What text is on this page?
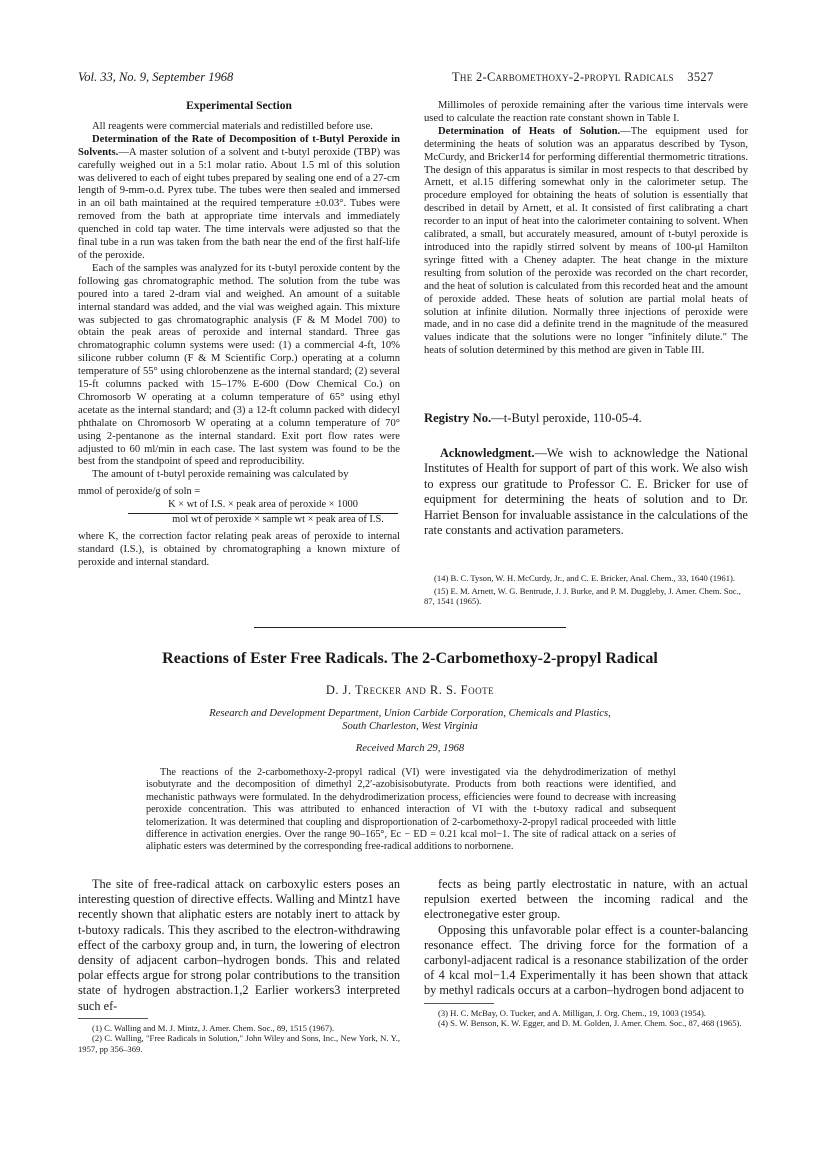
Vol. 33, No. 9, September 1968	The 2-Carbomethoxy-2-propyl Radicals 3527
Experimental Section

All reagents were commercial materials and redistilled before use.

Determination of the Rate of Decomposition of t-Butyl Peroxide in Solvents.—A master solution of a solvent and t-butyl peroxide (TBP) was carefully weighed out in a 5:1 molar ratio. About 1.5 ml of this solution was delivered to each of eight tubes prepared by sealing one end of a 27-cm length of 9-mm-o.d. Pyrex tube. The tubes were then sealed and immersed in an oil bath maintained at the required temperature ±0.03°. Tubes were removed from the bath at appropriate time intervals and immediately quenched in cold tap water. The time intervals were adjusted so that the final tube in a run was taken from the bath near the end of the first half-life of the peroxide.

Each of the samples was analyzed for its t-butyl peroxide content by the following gas chromatographic method. The solution from the tube was poured into a tared 2-dram vial and weighed. An amount of a suitable internal standard was added, and the vial was weighed again. This mixture was subjected to gas chromatographic analysis (F & M Model 700) to obtain the peak areas of peroxide and internal standard. Three gas chromatographic column systems were used: (1) a commercial 4-ft, 10% silicone rubber column (F & M Scientific Corp.) operating at a column temperature of 55° using chlorobenzene as the internal standard; (2) several 15-ft columns packed with 15–17% E-600 (Dow Chemical Co.) on Chromosorb W operating at a column temperature of 65° using ethyl acetate as the internal standard; and (3) a 12-ft column packed with didecyl phthalate on Chromosorb W operating at a column temperature of 70° using 2-pentanone as the internal standard. Exit port flow rates were adjusted to 60 ml/min in each case. The last system was found to be the best from the standpoint of speed and reproducibility.

The amount of t-butyl peroxide remaining was calculated by

mmol of peroxide/g of soln =
K × wt of I.S. × peak area of peroxide × 1000
mol wt of peroxide × sample wt × peak area of I.S.

where K, the correction factor relating peak areas of peroxide to internal standard (I.S.), is obtained by chromatographing a known mixture of peroxide and internal standard.

Millimoles of peroxide remaining after the various time intervals were used to calculate the reaction rate constant shown in Table I.

Determination of Heats of Solution.—The equipment used for determining the heats of solution was an apparatus described by Tyson, McCurdy, and Bricker14 for performing differential thermometric titrations. The design of this apparatus is similar in most respects to that described by Arnett, et al.15 differing somewhat only in the calorimeter setup. The procedure employed for obtaining the heats of solution is essentially that described in detail by Arnett, et al. It consisted of first calibrating a chart recorder to an input of heat into the calorimeter containing to solvent. When calibrated, a small, but accurately measured, amount of t-butyl peroxide is introduced into the rapidly stirred solvent by means of 100-μl Hamilton syringe fitted with a Cheney adapter. The heat change in the mixture resulting from solution of the peroxide was recorded on the chart recorder, and the heat of solution is calculated from this recorded heat and the amount of peroxide added. These heats of solution are partial molal heats of solution at infinite dilution. Normally three injections of peroxide were made, and in no case did a definite trend in the magnitude of the measured values indicate that the solutions were no longer "infinitely dilute." The heats of solution determined by this method are given in Table III.

Registry No.—t-Butyl peroxide, 110-05-4.

Acknowledgment.—We wish to acknowledge the National Institutes of Health for support of part of this work. We also wish to express our gratitude to Professor C. E. Bricker for use of equipment for determining the heats of solution and to Dr. Harriet Benson for invaluable assistance in the calculations of the rate constants and activation parameters.

(14) B. C. Tyson, W. H. McCurdy, Jr., and C. E. Bricker, Anal. Chem., 33, 1640 (1961).

(15) E. M. Arnett, W. G. Bentrude, J. J. Burke, and P. M. Duggleby, J. Amer. Chem. Soc., 87, 1541 (1965).

Reactions of Ester Free Radicals. The 2-Carbomethoxy-2-propyl Radical
D. J. Trecker and R. S. Foote
Research and Development Department, Union Carbide Corporation, Chemicals and Plastics,
South Charleston, West Virginia
Received March 29, 1968
The reactions of the 2-carbomethoxy-2-propyl radical (VI) were investigated via the dehydrodimerization of methyl isobutyrate and the decomposition of dimethyl 2,2′-azobisisobutyrate. Products from both reactions were identified, and mechanistic pathways were formulated. In the dehydrodimerization process, efficiencies were found to decrease with increasing peroxide concentration. This was attributed to enhanced interaction of VI with the t-butoxy radical and subsequent telomerization. It was determined that coupling and disproportionation of 2-carbomethoxy-2-propyl radical proceeded with little difference in activation energies. Over the range 90–165°, Ec − ED = 0.21 kcal mol−1. The site of radical attack on a series of aliphatic esters was determined by the corresponding free-radical additions to norbornene.

The site of free-radical attack on carboxylic esters poses an interesting question of directive effects. Walling and Mintz1 have recently shown that aliphatic esters are notably inert to attack by t-butoxy radicals. This they ascribed to the electron-withdrawing effect of the carboxy group and, in turn, the lowering of electron density of adjacent carbon–hydrogen bonds. This and related polar effects argue for strong polar contributions to the transition state of hydrogen abstraction.1,2 Earlier workers3 interpreted such ef-

(1) C. Walling and M. J. Mintz, J. Amer. Chem. Soc., 89, 1515 (1967).

(2) C. Walling, "Free Radicals in Solution," John Wiley and Sons, Inc., New York, N. Y., 1957, pp 356–369.

fects as being partly electrostatic in nature, with an actual repulsion exerted between the incoming radical and the electronegative ester group.

Opposing this unfavorable polar effect is a counter-balancing resonance effect. The driving force for the formation of a carbonyl-adjacent radical is a resonance stabilization of the order of 4 kcal mol−1.4 Experimentally it has been shown that attack by methyl radicals occurs at a carbon–hydrogen bond adjacent to

(3) H. C. McBay, O. Tucker, and A. Milligan, J. Org. Chem., 19, 1003 (1954).

(4) S. W. Benson, K. W. Egger, and D. M. Golden, J. Amer. Chem. Soc., 87, 468 (1965).
